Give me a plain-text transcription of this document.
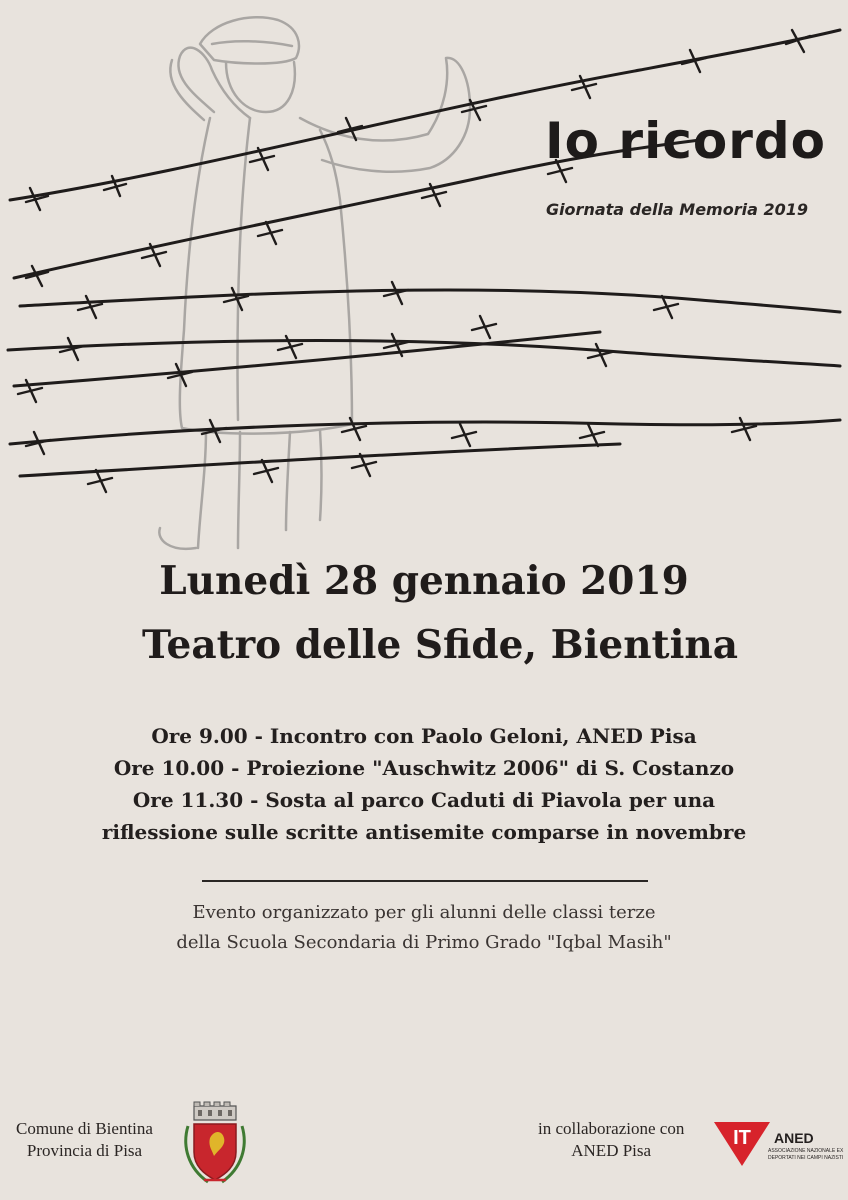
Io ricordo
Giornata della Memoria 2019
Lunedì 28 gennaio 2019
Teatro delle Sfide, Bientina
Ore 9.00 - Incontro con Paolo Geloni, ANED Pisa
Ore 10.00 - Proiezione "Auschwitz 2006" di S. Costanzo
Ore 11.30 - Sosta al parco Caduti di Piavola per una
riflessione sulle scritte antisemite comparse in novembre
Evento organizzato per gli alunni delle classi terze
della Scuola Secondaria di Primo Grado "Iqbal Masih"
Comune di Bientina
Provincia di Pisa
in collaborazione con
ANED Pisa
IT ANED
ASSOCIAZIONE NAZIONALE EX DEPORTATI NEI CAMPI NAZISTI
